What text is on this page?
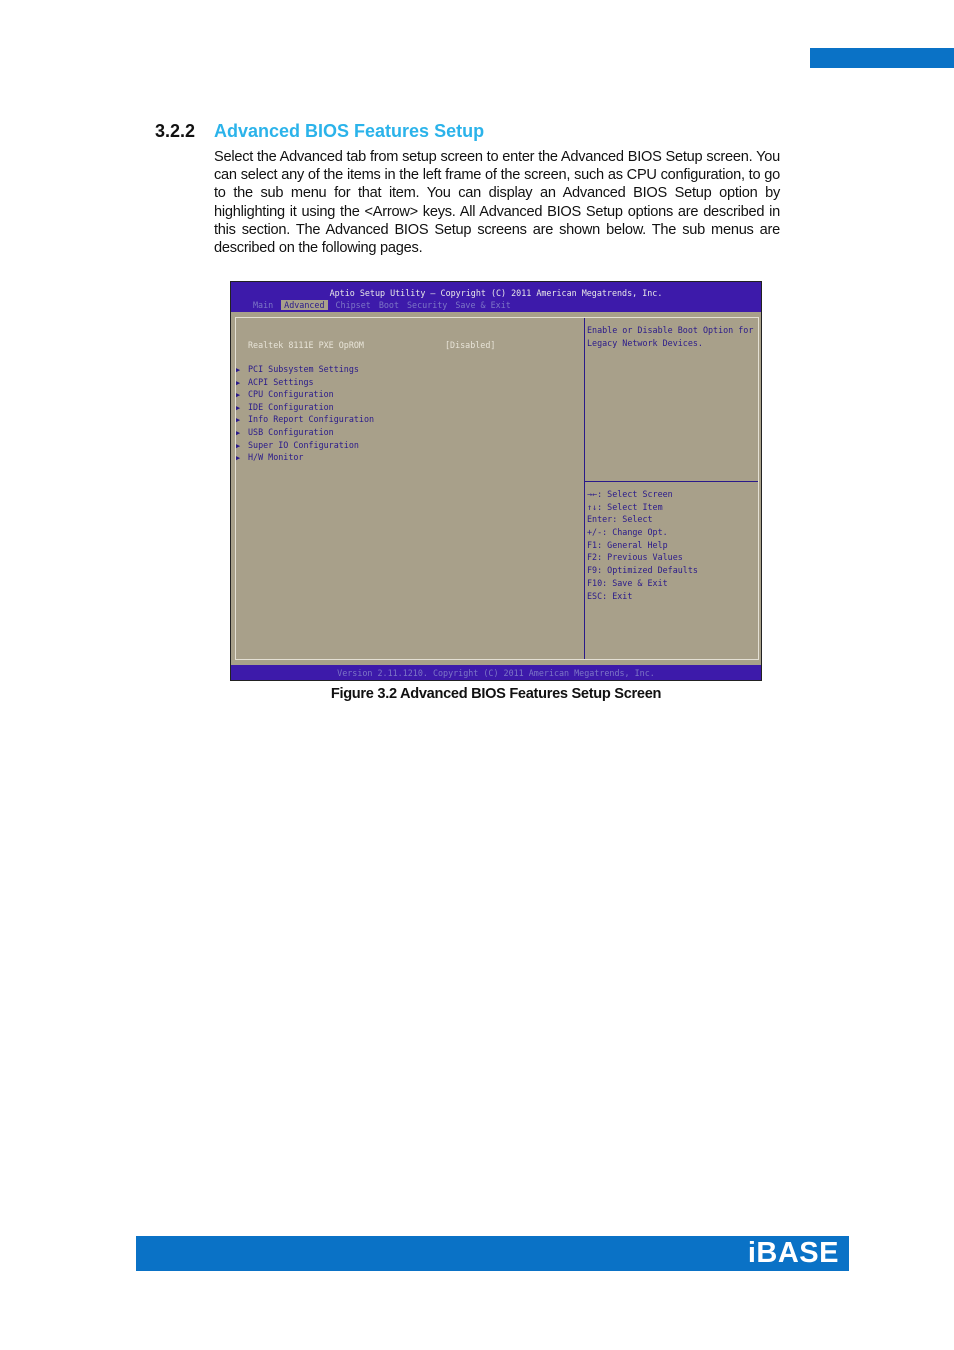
3.2.2	Advanced BIOS Features Setup

Select the Advanced tab from setup screen to enter the Advanced BIOS Setup screen. You can select any of the items in the left frame of the screen, such as CPU configuration, to go to the sub menu for that item. You can display an Advanced BIOS Setup option by highlighting it using the <Arrow> keys. All Advanced BIOS Setup options are described in this section. The Advanced BIOS Setup screens are shown below. The sub menus are described on the following pages.

Aptio Setup Utility – Copyright (C) 2011 American Megatrends, Inc.
Main	Advanced	Chipset Boot Security Save & Exit
Realtek 8111E PXE OpROM	[Disabled]
▶ PCI Subsystem Settings
▶ ACPI Settings
▶ CPU Configuration
▶ IDE Configuration
▶ Info Report Configuration
▶ USB Configuration
▶ Super IO Configuration
▶ H/W Monitor
Enable or Disable Boot Option for Legacy Network Devices.
→←: Select Screen
↑↓: Select Item
Enter: Select
+/-: Change Opt.
F1: General Help
F2: Previous Values
F9: Optimized Defaults
F10: Save & Exit
ESC: Exit
Version 2.11.1210. Copyright (C) 2011 American Megatrends, Inc.
Figure 3.2 Advanced BIOS Features Setup Screen
iBASE
